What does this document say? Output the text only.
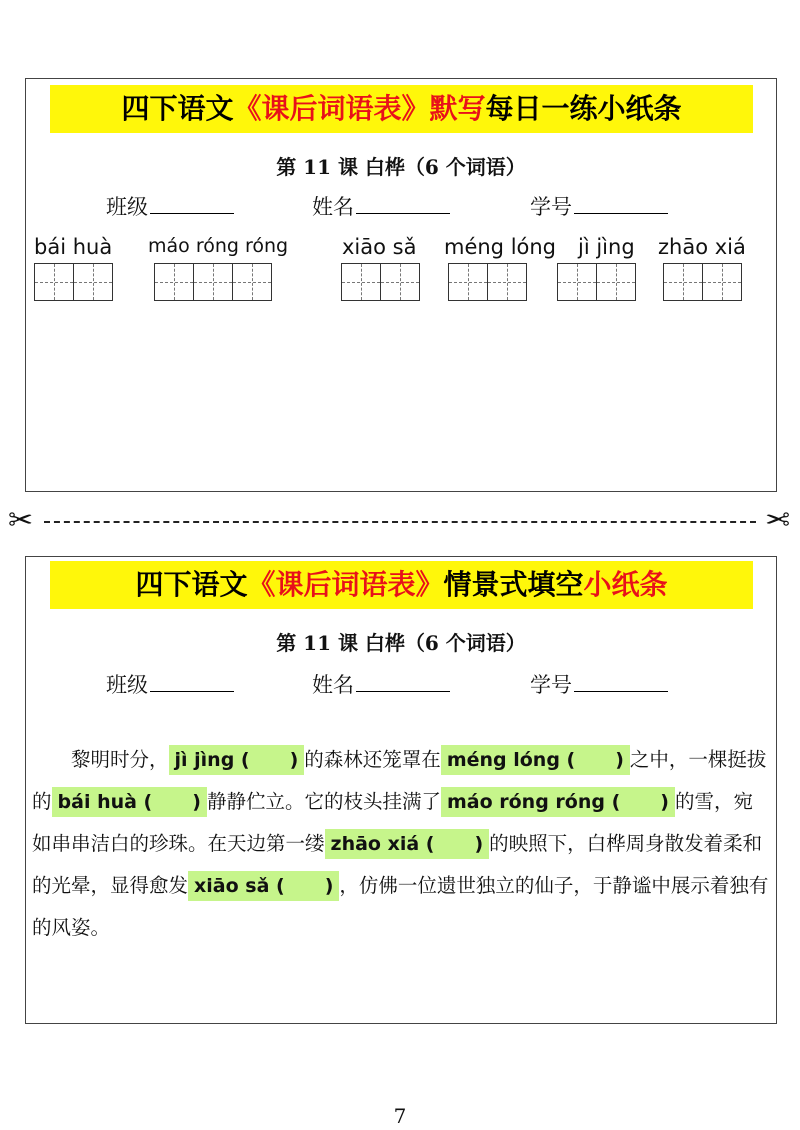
四下语文《课后词语表》默写每日一练小纸条
第 11 课 白桦（6 个词语）
班级	姓名	学号
bái huà máo róng róng	xiāo sǎ méng lóng jì jìng zhāo xiá
✂	✂
四下语文《课后词语表》情景式填空小纸条
第 11 课 白桦（6 个词语）
班级	姓名	学号
黎明时分， jì jìng ( ) 的森林还笼罩在 méng lóng ( ) 之中，一棵挺拔的 bái huà ( ) 静静伫立。它的枝头挂满了 máo róng róng ( ) 的雪，宛如串串洁白的珍珠。在天边第一缕 zhāo xiá ( ) 的映照下，白桦周身散发着柔和的光晕，显得愈发 xiāo sǎ ( ) ，仿佛一位遗世独立的仙子，于静谧中展示着独有的风姿。
7
